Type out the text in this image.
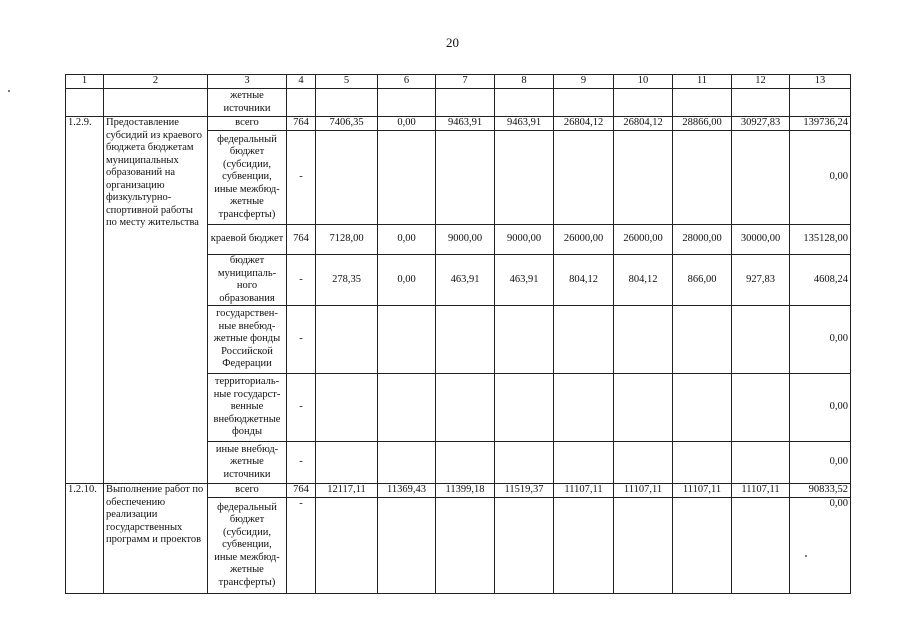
20
1	2	3	4	5	6	7	8	9	10	11	12	13
		жетные источники										
1.2.9.	Предоставление субсидий из краевого бюджета бюджетам муниципальных образований на организацию физкультурно-спортивной работы по месту жительства	всего	764	7406,35	0,00	9463,91	9463,91	26804,12	26804,12	28866,00	30927,83	139736,24
		федеральный бюджет (субсидии, субвенции, иные межбюд-жетные трансферты)	-									0,00
		краевой бюджет	764	7128,00	0,00	9000,00	9000,00	26000,00	26000,00	28000,00	30000,00	135128,00
		бюджет муниципаль-ного образования	-	278,35	0,00	463,91	463,91	804,12	804,12	866,00	927,83	4608,24
		государствен-ные внебюд-жетные фонды Российской Федерации	-									0,00
		территориаль-ные государст-венные внебюджетные фонды	-									0,00
		иные внебюд-жетные источники	-									0,00
1.2.10.	Выполнение работ по обеспечению реализации государственных программ и проектов	всего	764	12117,11	11369,43	11399,18	11519,37	11107,11	11107,11	11107,11	11107,11	90833,52
		федеральный бюджет (субсидии, субвенции, иные межбюд-жетные трансферты)	-									0,00
